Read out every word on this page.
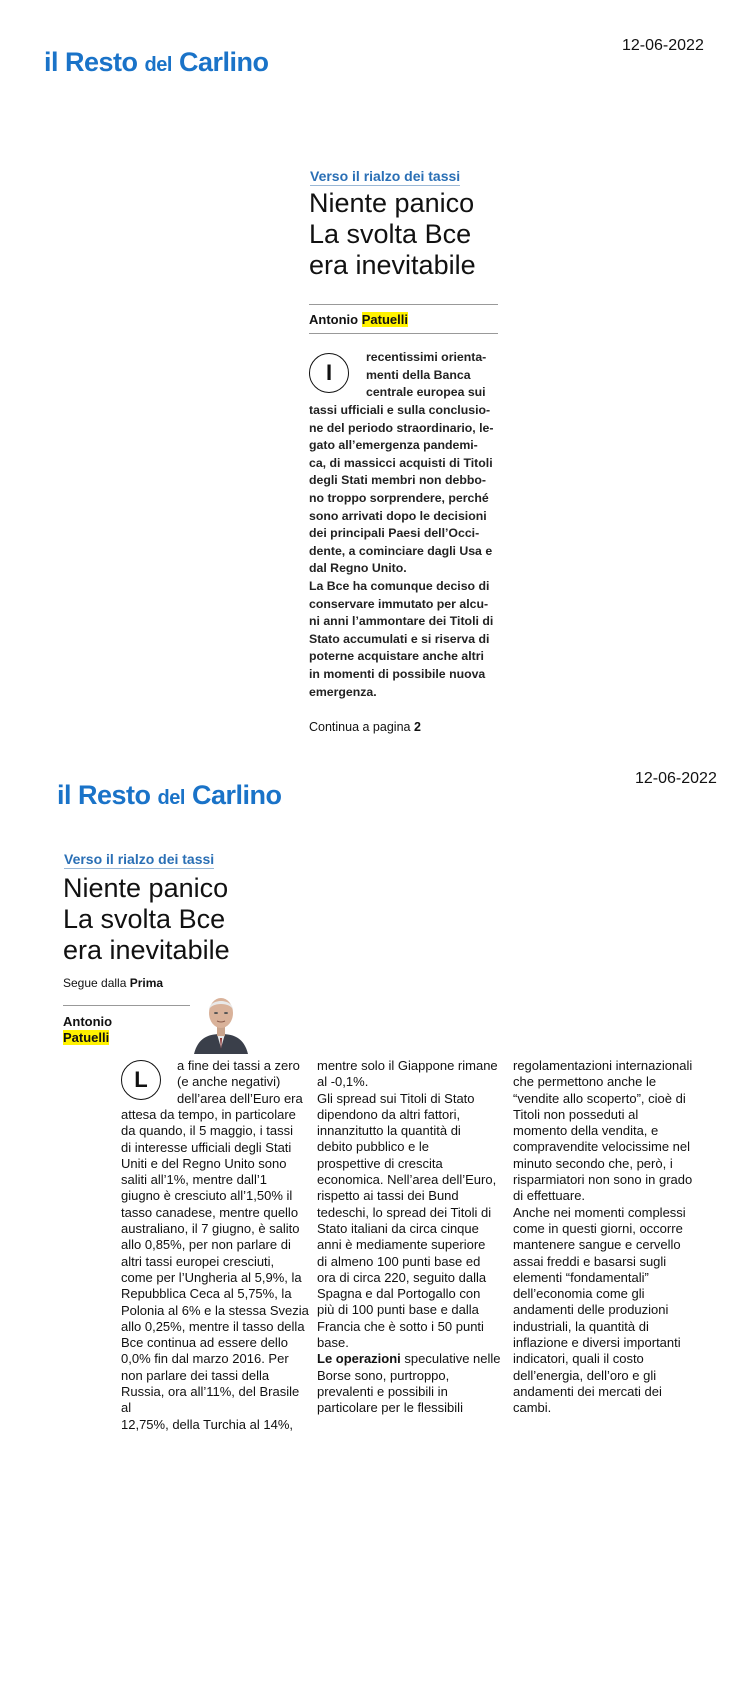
12-06-2022
il Resto del Carlino
Verso il rialzo dei tassi
Niente panico
La svolta Bce
era inevitabile
Antonio Patuelli
I
recentissimi orienta-
menti della Banca
centrale europea sui
tassi ufficiali e sulla conclusio-
ne del periodo straordinario, le-
gato all’emergenza pandemi-
ca, di massicci acquisti di Titoli
degli Stati membri non debbo-
no troppo sorprendere, perché
sono arrivati dopo le decisioni
dei principali Paesi dell’Occi-
dente, a cominciare dagli Usa e
dal Regno Unito.
La Bce ha comunque deciso di
conservare immutato per alcu-
ni anni l’ammontare dei Titoli di
Stato accumulati e si riserva di
poterne acquistare anche altri
in momenti di possibile nuova
emergenza.
Continua a pagina 2
12-06-2022
il Resto del Carlino
Verso il rialzo dei tassi
Niente panico
La svolta Bce
era inevitabile
Segue dalla Prima
Antonio
Patuelli
L
a fine dei tassi a zero
(e anche negativi)
dell’area dell’Euro era
attesa da tempo, in particolare
da quando, il 5 maggio, i tassi
di interesse ufficiali degli Stati
Uniti e del Regno Unito sono
saliti all’1%, mentre dall’1
giugno è cresciuto all’1,50% il
tasso canadese, mentre quello
australiano, il 7 giugno, è salito
allo 0,85%, per non parlare di
altri tassi europei cresciuti,
come per l’Ungheria al 5,9%, la
Repubblica Ceca al 5,75%, la
Polonia al 6% e la stessa Svezia
allo 0,25%, mentre il tasso della
Bce continua ad essere dello
0,0% fin dal marzo 2016. Per
non parlare dei tassi della
Russia, ora all’11%, del Brasile al
12,75%, della Turchia al 14%,
mentre solo il Giappone rimane
al -0,1%.
Gli spread sui Titoli di Stato
dipendono da altri fattori,
innanzitutto la quantità di
debito pubblico e le
prospettive di crescita
economica. Nell’area dell’Euro,
rispetto ai tassi dei Bund
tedeschi, lo spread dei Titoli di
Stato italiani da circa cinque
anni è mediamente superiore
di almeno 100 punti base ed
ora di circa 220, seguito dalla
Spagna e dal Portogallo con
più di 100 punti base e dalla
Francia che è sotto i 50 punti
base.
Le operazioni speculative nelle
Borse sono, purtroppo,
prevalenti e possibili in
particolare per le flessibili
regolamentazioni internazionali
che permettono anche le
“vendite allo scoperto”, cioè di
Titoli non posseduti al
momento della vendita, e
compravendite velocissime nel
minuto secondo che, però, i
risparmiatori non sono in grado
di effettuare.
Anche nei momenti complessi
come in questi giorni, occorre
mantenere sangue e cervello
assai freddi e basarsi sugli
elementi “fondamentali”
dell’economia come gli
andamenti delle produzioni
industriali, la quantità di
inflazione e diversi importanti
indicatori, quali il costo
dell’energia, dell’oro e gli
andamenti dei mercati dei
cambi.
